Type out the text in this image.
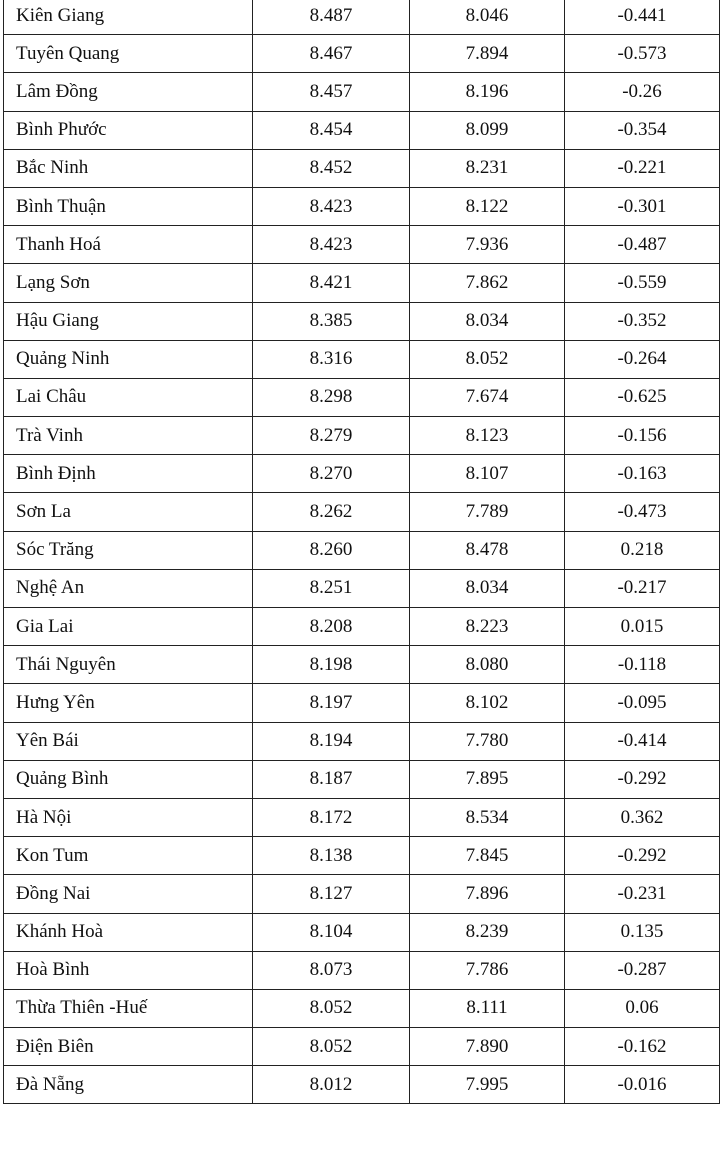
Kiên Giang	8.487	8.046	-0.441
Tuyên Quang	8.467	7.894	-0.573
Lâm Đồng	8.457	8.196	-0.26
Bình Phước	8.454	8.099	-0.354
Bắc Ninh	8.452	8.231	-0.221
Bình Thuận	8.423	8.122	-0.301
Thanh Hoá	8.423	7.936	-0.487
Lạng Sơn	8.421	7.862	-0.559
Hậu Giang	8.385	8.034	-0.352
Quảng Ninh	8.316	8.052	-0.264
Lai Châu	8.298	7.674	-0.625
Trà Vinh	8.279	8.123	-0.156
Bình Định	8.270	8.107	-0.163
Sơn La	8.262	7.789	-0.473
Sóc Trăng	8.260	8.478	0.218
Nghệ An	8.251	8.034	-0.217
Gia Lai	8.208	8.223	0.015
Thái Nguyên	8.198	8.080	-0.118
Hưng Yên	8.197	8.102	-0.095
Yên Bái	8.194	7.780	-0.414
Quảng Bình	8.187	7.895	-0.292
Hà Nội	8.172	8.534	0.362
Kon Tum	8.138	7.845	-0.292
Đồng Nai	8.127	7.896	-0.231
Khánh Hoà	8.104	8.239	0.135
Hoà Bình	8.073	7.786	-0.287
Thừa Thiên -Huế	8.052	8.111	0.06
Điện Biên	8.052	7.890	-0.162
Đà Nẵng	8.012	7.995	-0.016
